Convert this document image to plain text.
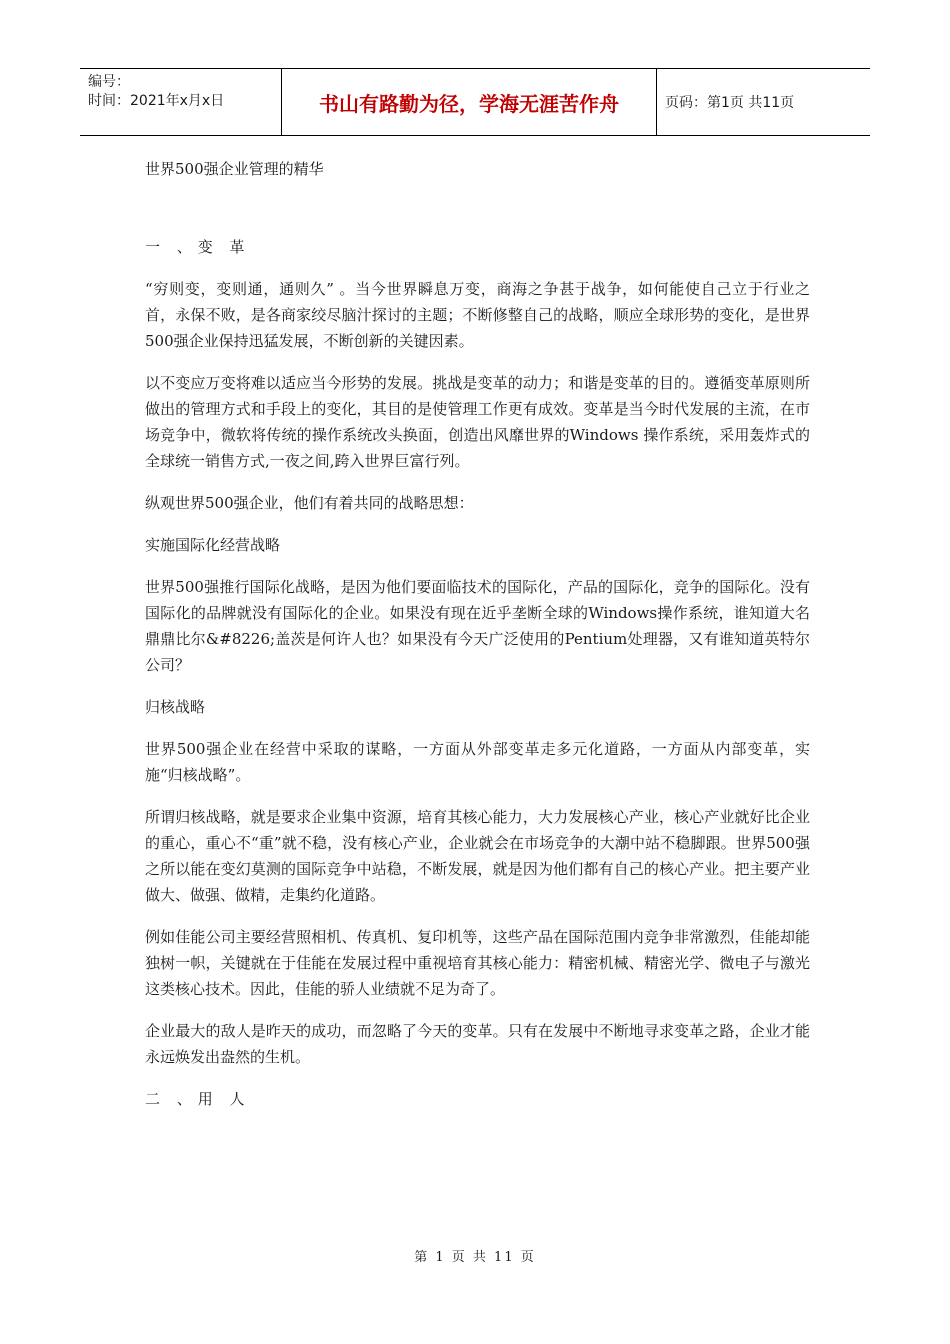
编号：
时间：2021年x月x日	书山有路勤为径，学海无涯苦作舟	页码：第1页 共11页

世界500强企业管理的精华

一 、变 革

“穷则变，变则通，通则久” 。当今世界瞬息万变，商海之争甚于战争，如何能使自己立于行业之首，永保不败，是各商家绞尽脑汁探讨的主题；不断修整自己的战略，顺应全球形势的变化，是世界500强企业保持迅猛发展，不断创新的关键因素。

以不变应万变将难以适应当今形势的发展。挑战是变革的动力；和谐是变革的目的。遵循变革原则所做出的管理方式和手段上的变化，其目的是使管理工作更有成效。变革是当今时代发展的主流，在市场竞争中，微软将传统的操作系统改头换面，创造出风靡世界的Windows 操作系统，采用轰炸式的全球统一销售方式,一夜之间,跨入世界巨富行列。

纵观世界500强企业，他们有着共同的战略思想：

实施国际化经营战略

世界500强推行国际化战略，是因为他们要面临技术的国际化，产品的国际化，竞争的国际化。没有国际化的品牌就没有国际化的企业。如果没有现在近乎垄断全球的Windows操作系统，谁知道大名鼎鼎比尔&#8226;盖茨是何许人也？如果没有今天广泛使用的Pentium处理器，又有谁知道英特尔公司？

归核战略

世界500强企业在经营中采取的谋略，一方面从外部变革走多元化道路，一方面从内部变革，实施“归核战略”。

所谓归核战略，就是要求企业集中资源，培育其核心能力，大力发展核心产业，核心产业就好比企业的重心，重心不“重”就不稳，没有核心产业，企业就会在市场竞争的大潮中站不稳脚跟。世界500强之所以能在变幻莫测的国际竞争中站稳，不断发展，就是因为他们都有自己的核心产业。把主要产业做大、做强、做精，走集约化道路。

例如佳能公司主要经营照相机、传真机、复印机等，这些产品在国际范围内竞争非常激烈，佳能却能独树一帜，关键就在于佳能在发展过程中重视培育其核心能力：精密机械、精密光学、微电子与激光这类核心技术。因此，佳能的骄人业绩就不足为奇了。

企业最大的敌人是昨天的成功，而忽略了今天的变革。只有在发展中不断地寻求变革之路，企业才能永远焕发出盎然的生机。

二 、用 人

第 1 页 共 11 页
